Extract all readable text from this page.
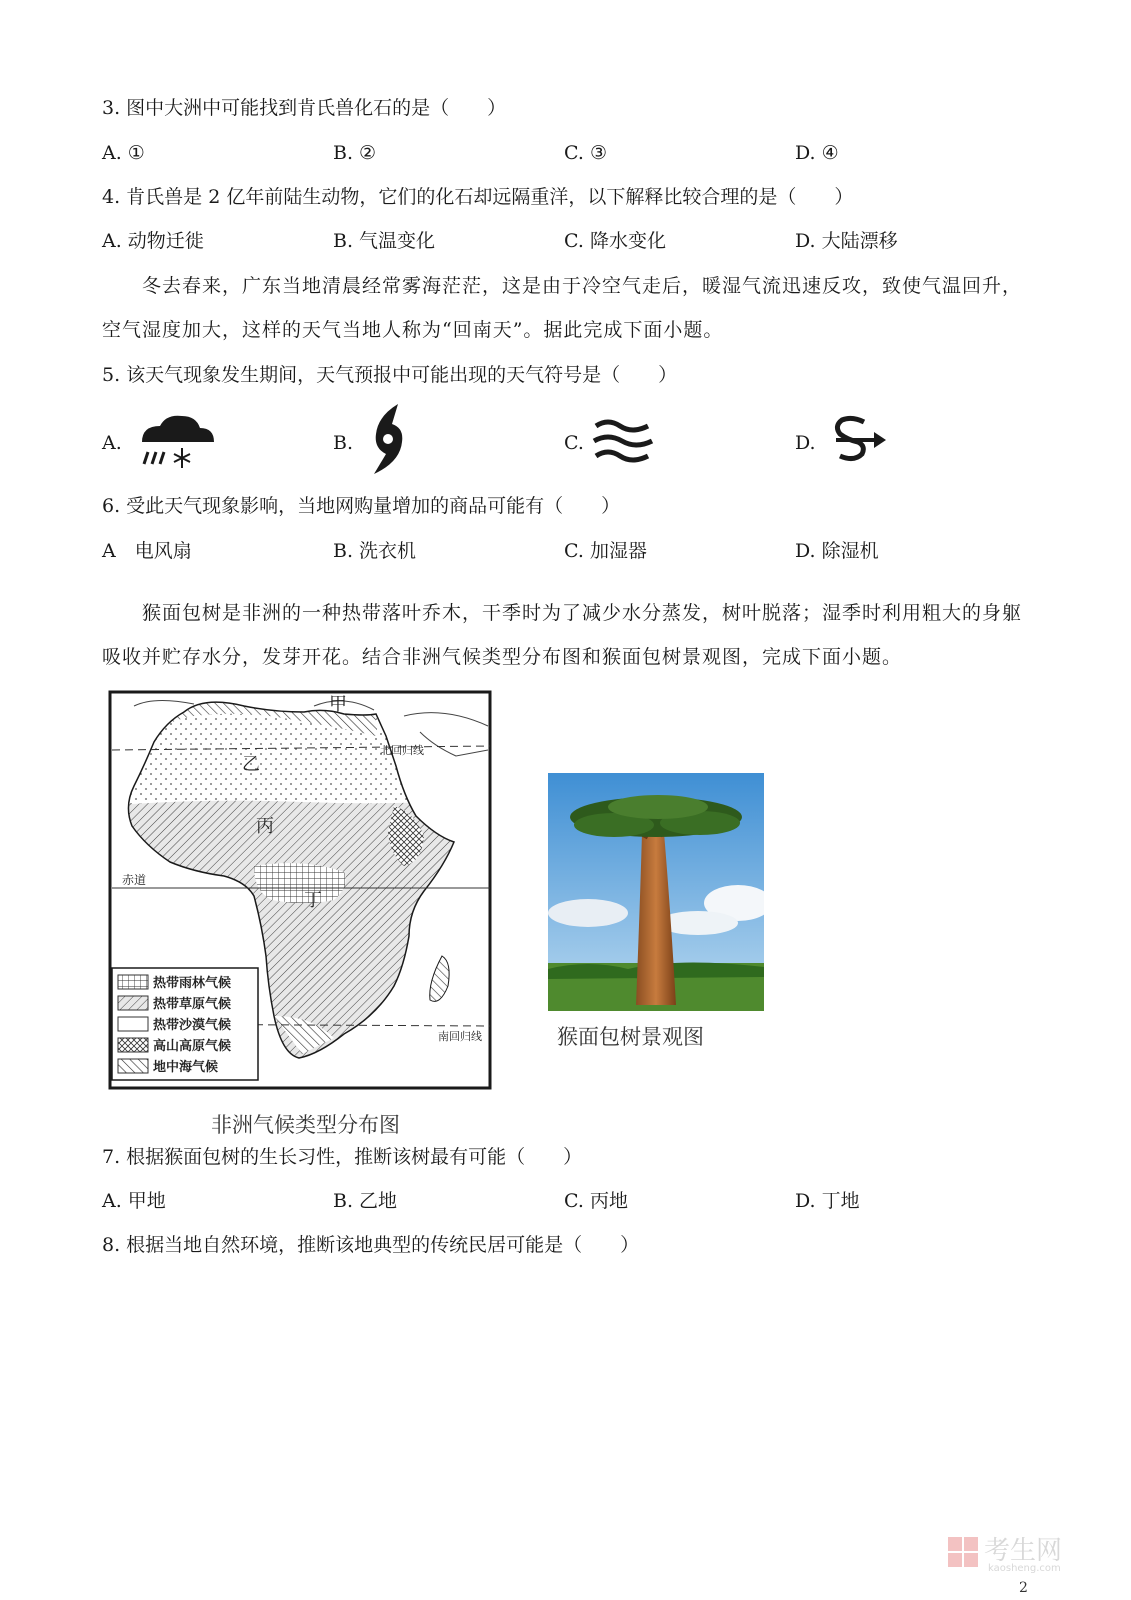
3. 图中大洲中可能找到肯氏兽化石的是（　　）
A. ①	B. ②	C. ③	D. ④
4. 肯氏兽是 2 亿年前陆生动物，它们的化石却远隔重洋，以下解释比较合理的是（　　）
A. 动物迁徙	B. 气温变化	C. 降水变化	D. 大陆漂移
冬去春来，广东当地清晨经常雾海茫茫，这是由于冷空气走后，暖湿气流迅速反攻，致使气温回升，空气湿度加大，这样的天气当地人称为“回南天”。据此完成下面小题。
5. 该天气现象发生期间，天气预报中可能出现的天气符号是（　　）
A.	B.	C.	D.
6. 受此天气现象影响，当地网购量增加的商品可能有（　　）
A　电风扇	B. 洗衣机	C. 加湿器	D. 除湿机
猴面包树是非洲的一种热带落叶乔木，干季时为了减少水分蒸发，树叶脱落；湿季时利用粗大的身躯吸收并贮存水分，发芽开花。结合非洲气候类型分布图和猴面包树景观图，完成下面小题。
甲
乙
丙
丁
北回归线
赤道
南回归线
热带雨林气候
热带草原气候
热带沙漠气候
高山高原气候
地中海气候
非洲气候类型分布图
猴面包树景观图
7. 根据猴面包树的生长习性，推断该树最有可能（　　）
A. 甲地	B. 乙地	C. 丙地	D. 丁地
8. 根据当地自然环境，推断该地典型的传统民居可能是（　　）
考生网
kaosheng.com
2
